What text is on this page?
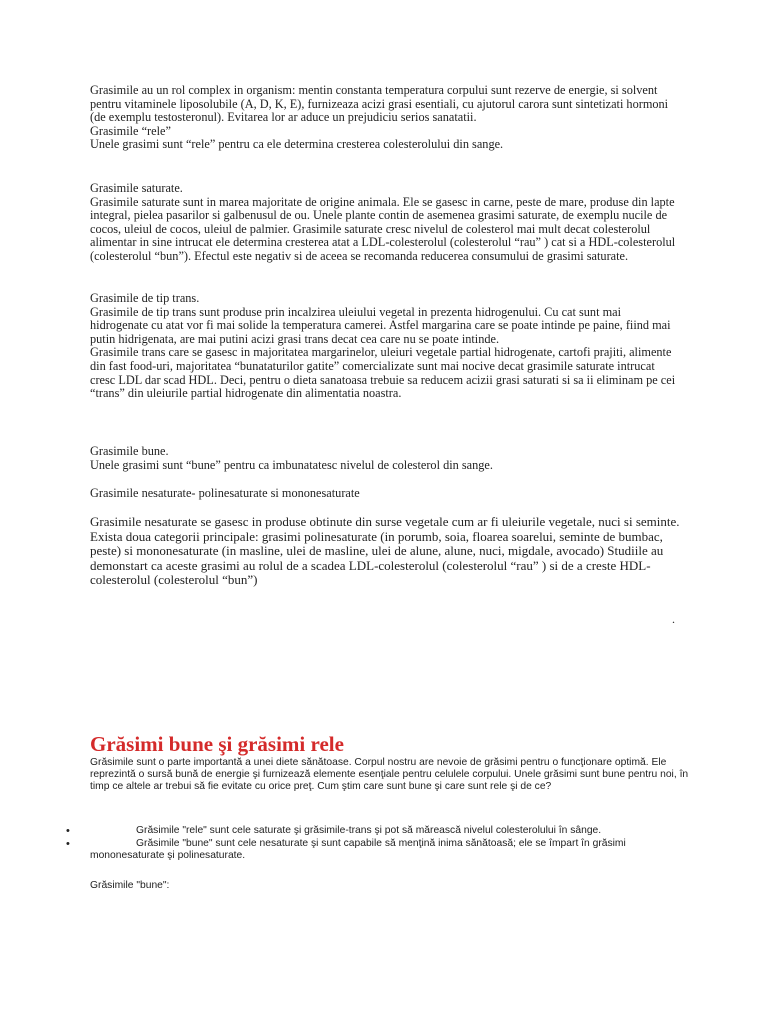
Grasimile au un rol complex in organism: mentin constanta temperatura corpului sunt rezerve de energie, si solvent pentru vitaminele liposolubile (A, D, K, E), furnizeaza acizi grasi esentiali, cu ajutorul carora sunt sintetizati hormoni (de exemplu testosteronul). Evitarea lor ar aduce un prejudiciu serios sanatatii.

Grasimile “rele”

Unele grasimi sunt “rele” pentru ca ele determina cresterea colesterolului din sange.

Grasimile saturate.

Grasimile saturate sunt in marea majoritate de origine animala. Ele se gasesc in carne, peste de mare, produse din lapte integral, pielea pasarilor si galbenusul de ou. Unele plante contin de asemenea grasimi saturate, de exemplu nucile de cocos, uleiul de cocos, uleiul de palmier. Grasimile saturate cresc nivelul de colesterol mai mult decat colesterolul alimentar in sine intrucat ele determina cresterea atat a LDL-colesterolul (colesterolul “rau” ) cat si a HDL-colesterolul (colesterolul “bun”). Efectul este negativ si de aceea se recomanda reducerea consumului de grasimi saturate.

Grasimile de tip trans.

Grasimile de tip trans sunt produse prin incalzirea uleiului vegetal in prezenta hidrogenului. Cu cat sunt mai hidrogenate cu atat vor fi mai solide la temperatura camerei. Astfel margarina care se poate intinde pe paine, fiind mai putin hidrigenata, are mai putini acizi grasi trans decat cea care nu se poate intinde.

Grasimile trans care se gasesc in majoritatea margarinelor, uleiuri vegetale partial hidrogenate, cartofi prajiti, alimente din fast food-uri, majoritatea “bunataturilor gatite” comercializate sunt mai nocive decat grasimile saturate intrucat cresc LDL dar scad HDL. Deci, pentru o dieta sanatoasa trebuie sa reducem acizii grasi saturati si sa ii eliminam pe cei “trans” din uleiurile partial hidrogenate din alimentatia noastra.

Grasimile bune.

Unele grasimi sunt “bune” pentru ca imbunatatesc nivelul de colesterol din sange.

Grasimile nesaturate- polinesaturate si mononesaturate

Grasimile nesaturate se gasesc in produse obtinute din surse vegetale cum ar fi uleiurile vegetale, nuci si seminte. Exista doua categorii principale: grasimi polinesaturate (in porumb, soia, floarea soarelui, seminte de bumbac, peste) si mononesaturate (in masline, ulei de masline, ulei de alune, alune, nuci, migdale, avocado) Studiile au demonstart ca aceste grasimi au rolul de a scadea LDL-colesterolul (colesterolul “rau” ) si de a creste HDL-colesterolul (colesterolul “bun”)

.
Grăsimi bune şi grăsimi rele

Grăsimile sunt o parte importantă a unei diete sănătoase. Corpul nostru are nevoie de grăsimi pentru o funcţionare optimă. Ele reprezintă o sursă bună de energie şi furnizează elemente esenţiale pentru celulele corpului. Unele grăsimi sunt bune pentru noi, în timp ce altele ar trebui să fie evitate cu orice preţ. Cum ştim care sunt bune şi care sunt rele şi de ce?

•	Grăsimile "rele" sunt cele saturate şi grăsimile-trans şi pot să mărească nivelul colesterolului în sânge.
•	Grăsimile "bune" sunt cele nesaturate şi sunt capabile să menţină inima sănătoasă; ele se împart în grăsimi mononesaturate şi polinesaturate.

Grăsimile "bune":
